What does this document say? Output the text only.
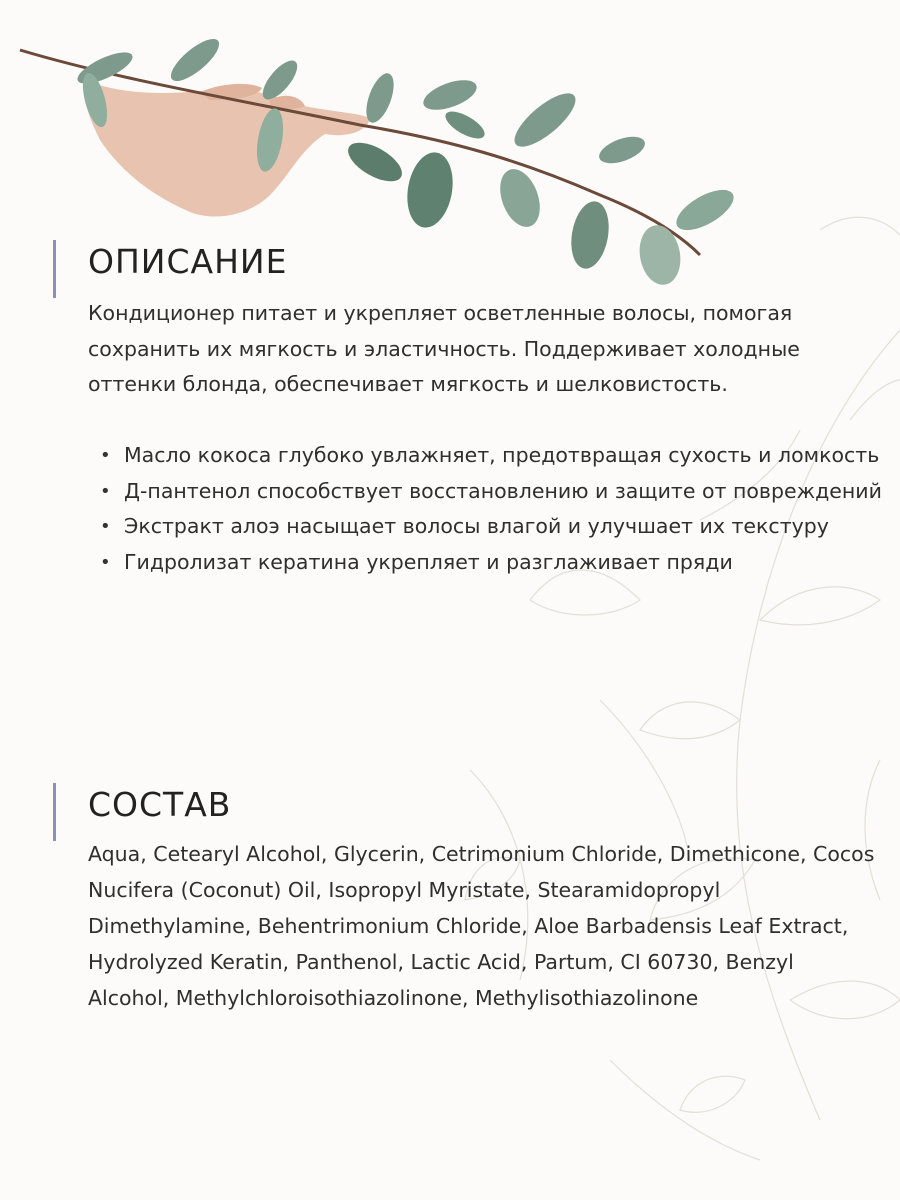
ОПИСАНИЕ

Кондиционер питает и укрепляет осветленные волосы, помогая сохранить их мягкость и эластичность. Поддерживает холодные оттенки блонда, обеспечивает мягкость и шелковистость.

• Масло кокоса глубоко увлажняет, предотвращая сухость и ломкость
• Д-пантенол способствует восстановлению и защите от повреждений
• Экстракт алоэ насыщает волосы влагой и улучшает их текстуру
• Гидролизат кератина укрепляет и разглаживает пряди
СОСТАВ

Aqua, Cetearyl Alcohol, Glycerin, Cetrimonium Chloride, Dimethicone, Cocos Nucifera (Coconut) Oil, Isopropyl Myristate, Stearamidopropyl Dimethylamine, Behentrimonium Chloride, Aloe Barbadensis Leaf Extract, Hydrolyzed Keratin, Panthenol, Lactic Acid, Partum, CI 60730, Benzyl Alcohol, Methylchloroisothiazolinone, Methylisothiazolinone
